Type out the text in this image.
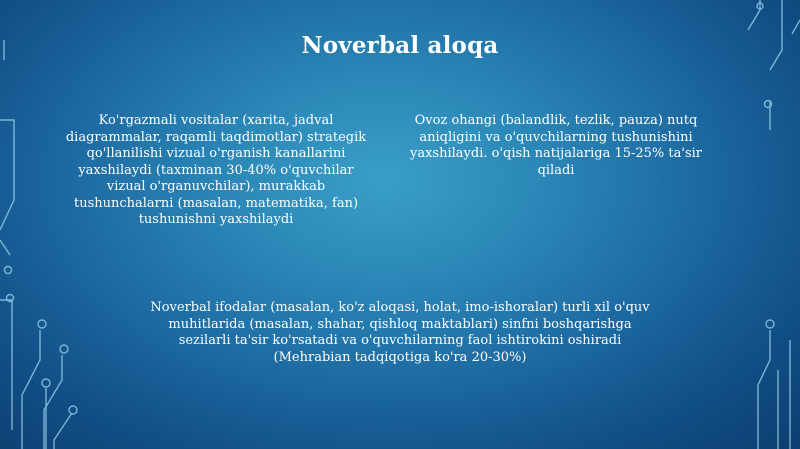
Noverbal aloqa
Ko'rgazmali vositalar (xarita, jadval diagrammalar, raqamli taqdimotlar) strategik qo'llanilishi vizual o'rganish kanallarini yaxshilaydi (taxminan 30-40% o'quvchilar vizual o'rganuvchilar), murakkab tushunchalarni (masalan, matematika, fan) tushunishni yaxshilaydi
Ovoz ohangi (balandlik, tezlik, pauza) nutq aniqligini va o'quvchilarning tushunishini yaxshilaydi. o'qish natijalariga 15-25% ta'sir qiladi
Noverbal ifodalar (masalan, ko'z aloqasi, holat, imo-ishoralar) turli xil o'quv muhitlarida (masalan, shahar, qishloq maktablari) sinfni boshqarishga sezilarli ta'sir ko'rsatadi va o'quvchilarning faol ishtirokini oshiradi (Mehrabian tadqiqotiga ko'ra 20-30%)
